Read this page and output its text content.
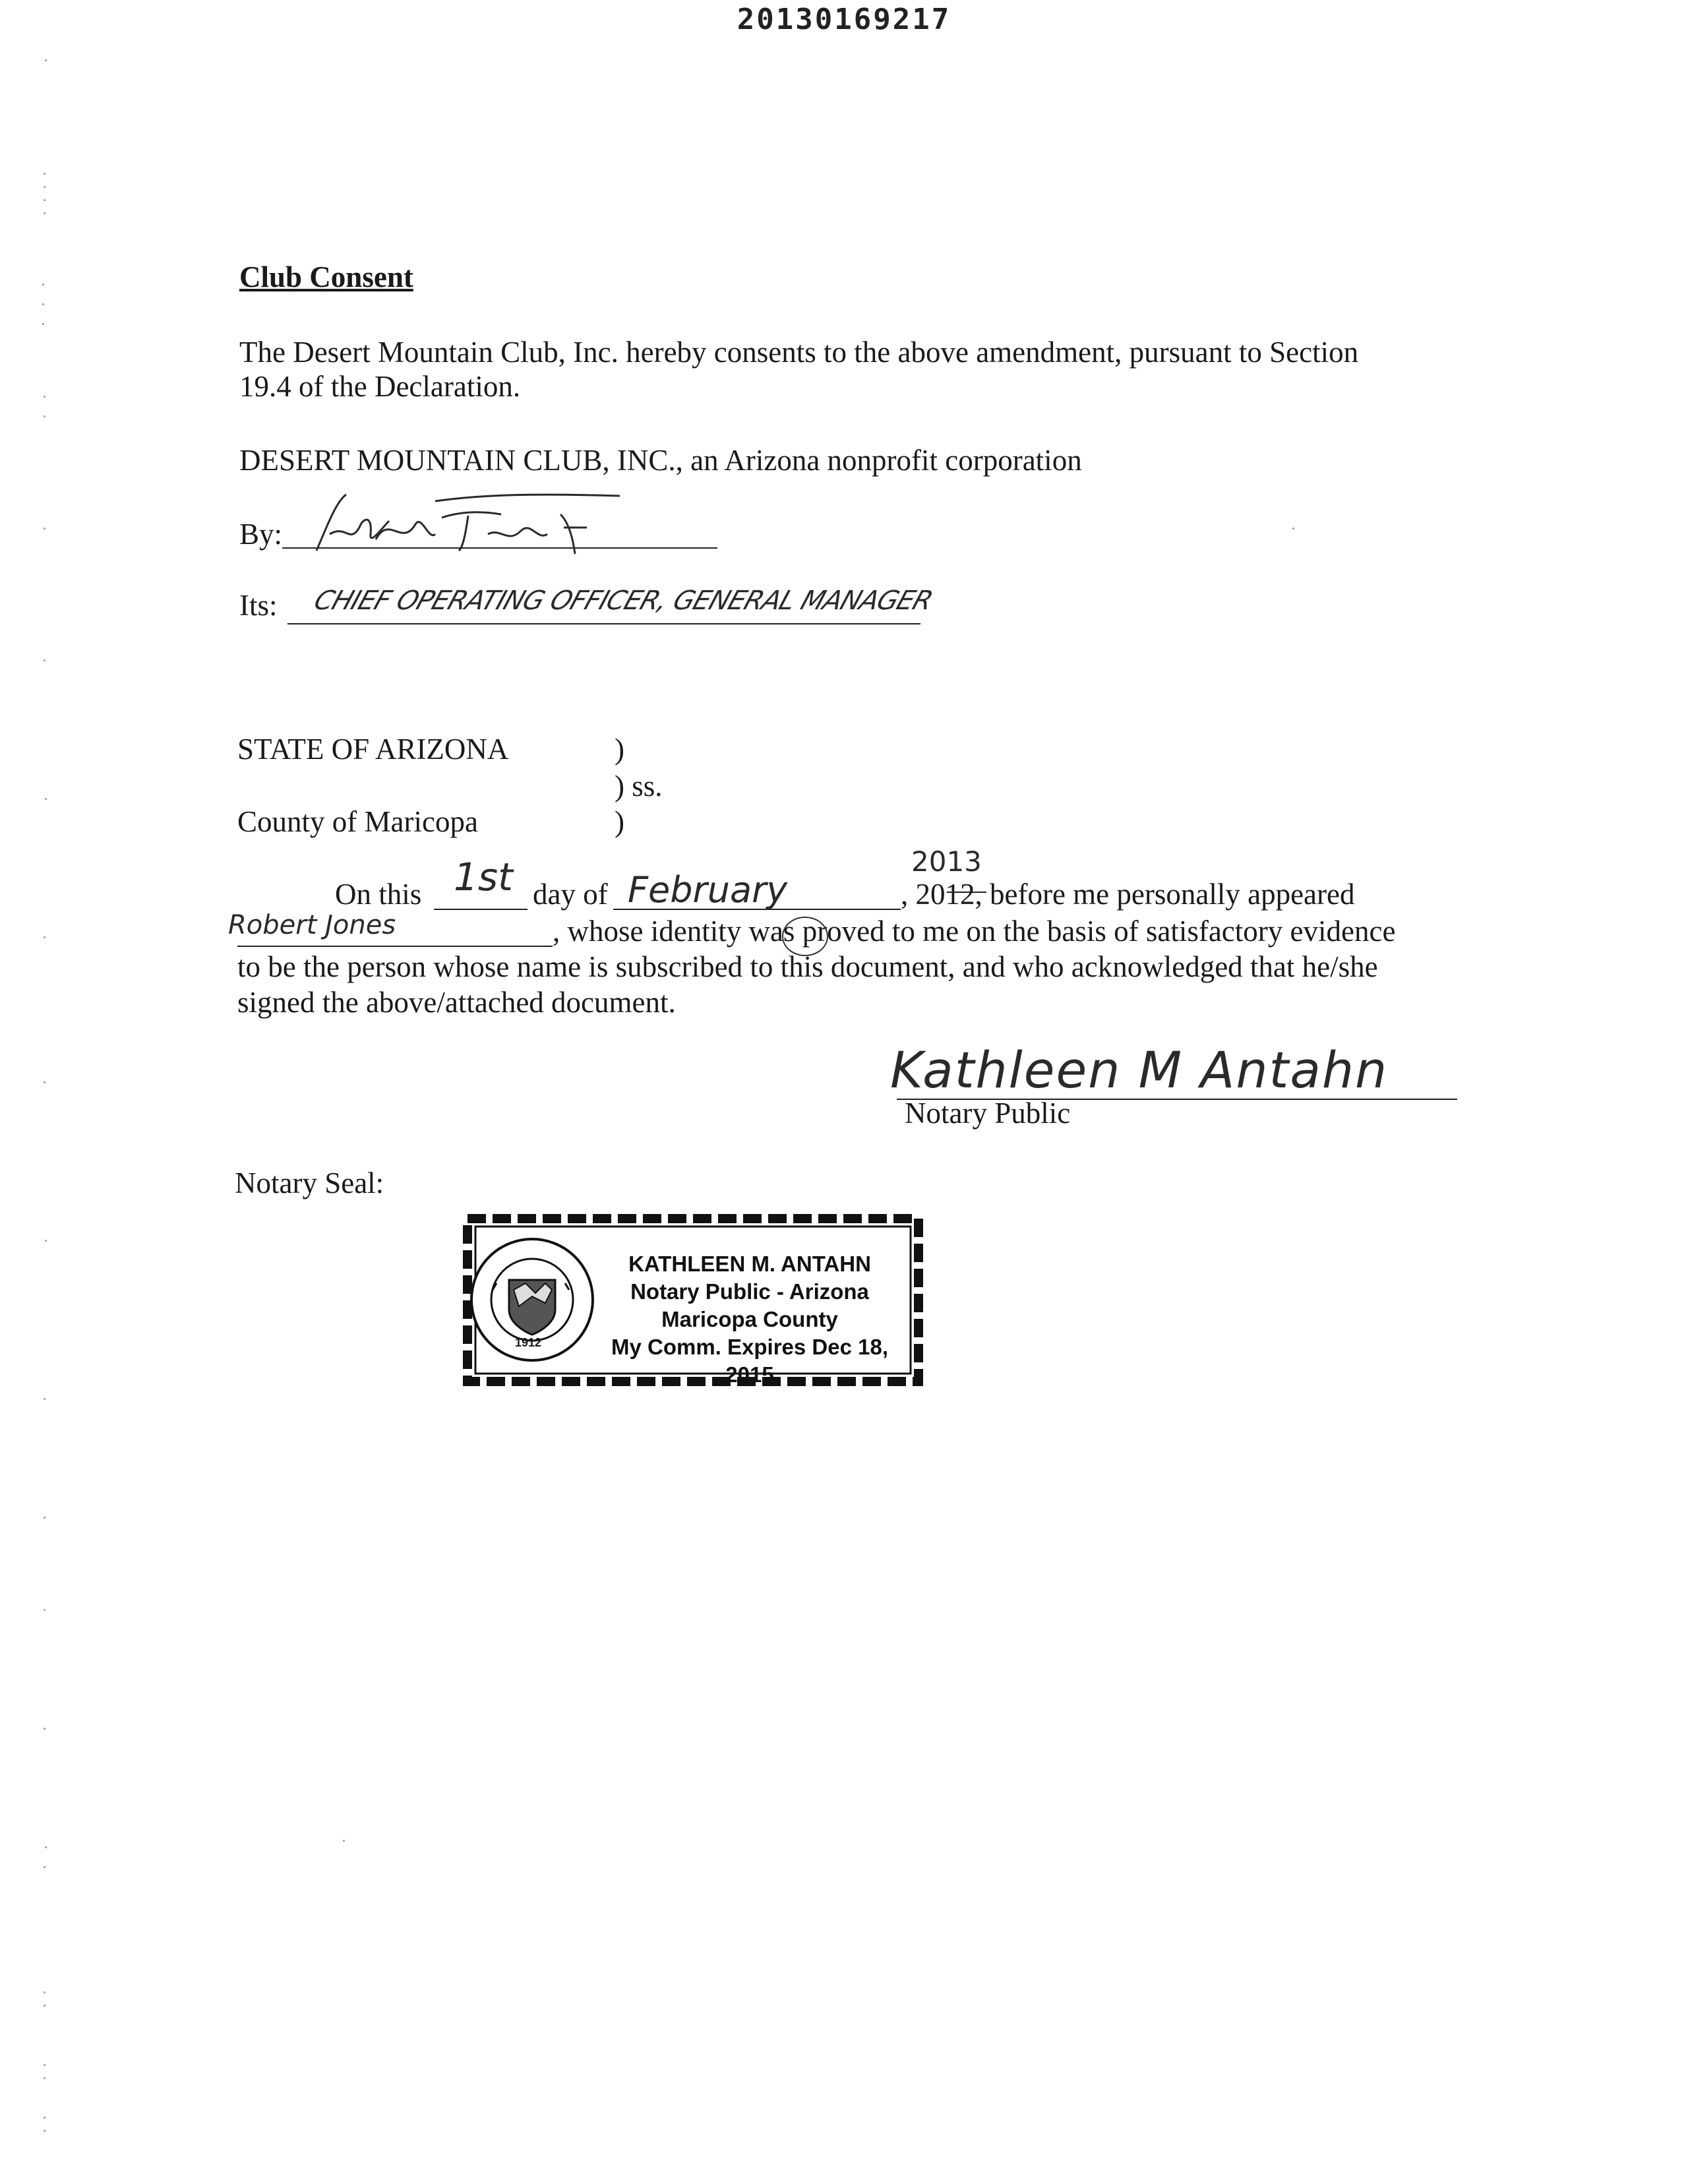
20130169217
Club Consent
The Desert Mountain Club, Inc. hereby consents to the above amendment, pursuant to Section
19.4 of the Declaration.
DESERT MOUNTAIN CLUB, INC., an Arizona nonprofit corporation
By:
Its: CHIEF OPERATING OFFICER, GENERAL MANAGER
STATE OF ARIZONA	)
) ss.
County of Maricopa	)
On this 1st day of February
2013
, 2012, before me personally appeared
Robert Jones	, whose identity was proved to me on the basis of satisfactory evidence
to be the person whose name is subscribed to this document, and who acknowledged that he/she
signed the above/attached document.
Kathleen M Antahn
Notary Public
Notary Seal:
1912
KATHLEEN M. ANTAHN
Notary Public - Arizona
Maricopa County
My Comm. Expires Dec 18, 2015
